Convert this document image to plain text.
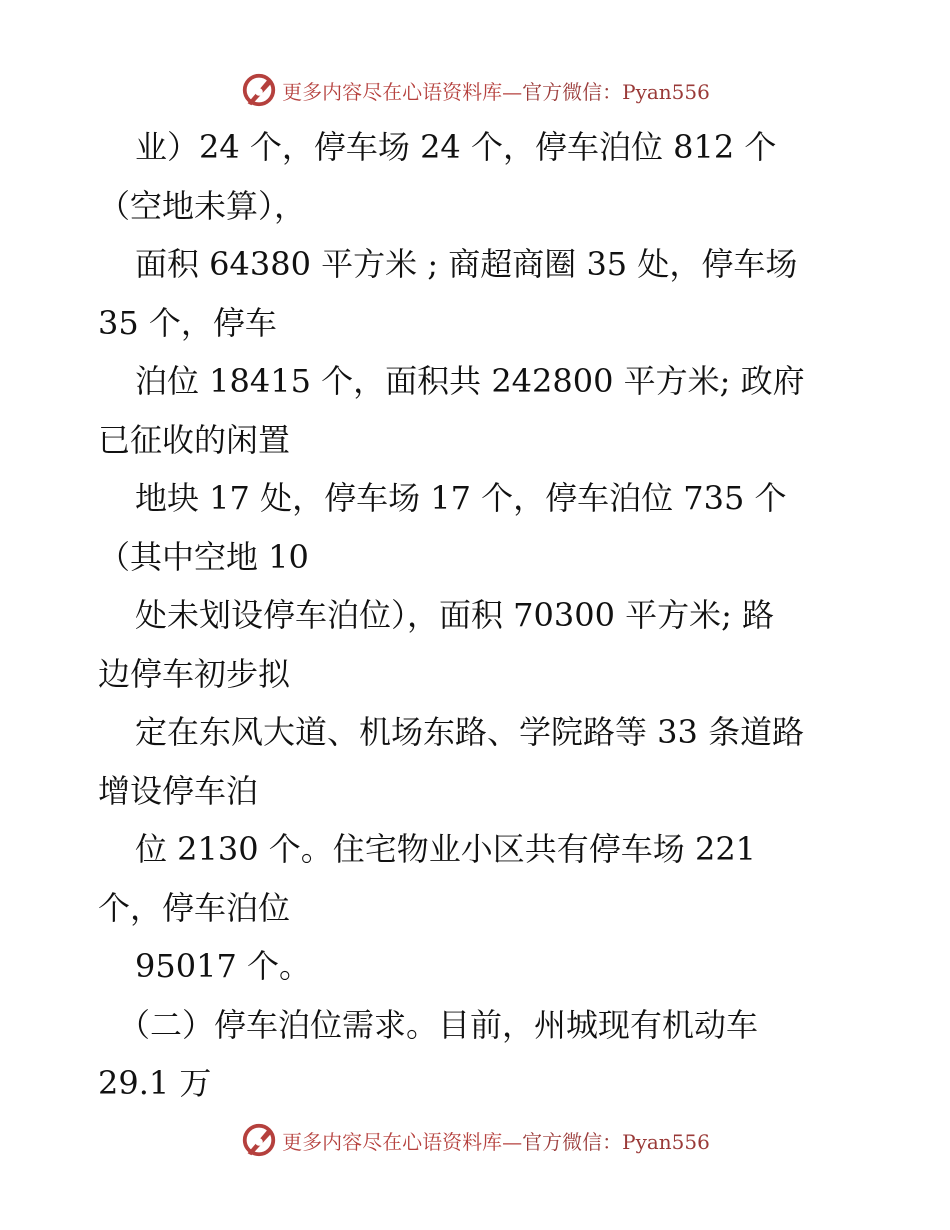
更多内容尽在心语资料库—官方微信：Pyan556
业）24 个，停车场 24 个，停车泊位 812 个
（空地未算），
面积 64380 平方米 ; 商超商圈 35 处，停车场
35 个，停车
泊位 18415 个，面积共 242800 平方米; 政府
已征收的闲置
地块 17 处，停车场 17 个，停车泊位 735 个
（其中空地 10
处未划设停车泊位），面积 70300 平方米; 路
边停车初步拟
定在东风大道、机场东路、学院路等 33 条道路
增设停车泊
位 2130 个。住宅物业小区共有停车场 221
个，停车泊位
95017 个。
（二）停车泊位需求。目前，州城现有机动车
29.1 万
更多内容尽在心语资料库—官方微信：Pyan556
